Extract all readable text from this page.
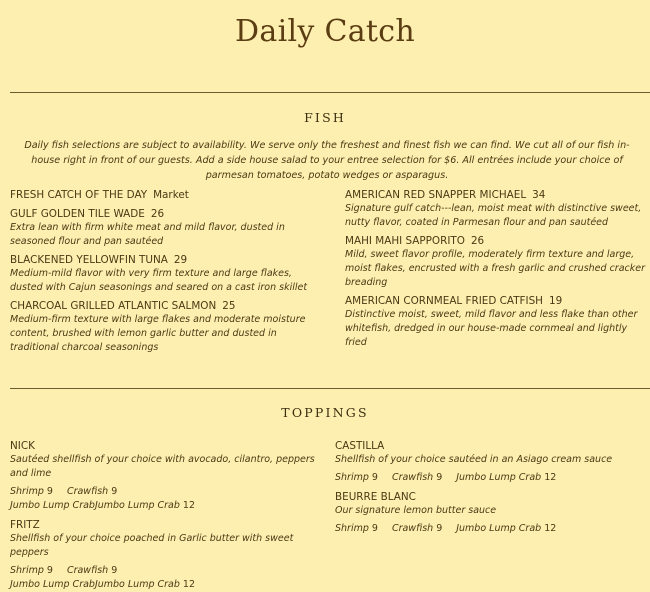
Daily Catch
FISH
Daily fish selections are subject to availability. We serve only the freshest and finest fish we can find. We cut all of our fish in-house right in front of our guests. Add a side house salad to your entree selection for $6. All entrées include your choice of parmesan tomatoes, potato wedges or asparagus.
FRESH CATCH OF THE DAY Market
GULF GOLDEN TILE WADE 26
Extra lean with firm white meat and mild flavor, dusted in seasoned flour and pan sautéed
BLACKENED YELLOWFIN TUNA 29
Medium-mild flavor with very firm texture and large flakes, dusted with Cajun seasonings and seared on a cast iron skillet
CHARCOAL GRILLED ATLANTIC SALMON 25
Medium-firm texture with large flakes and moderate moisture content, brushed with lemon garlic butter and dusted in traditional charcoal seasonings
AMERICAN RED SNAPPER MICHAEL 34
Signature gulf catch---lean, moist meat with distinctive sweet, nutty flavor, coated in Parmesan flour and pan sautéed
MAHI MAHI SAPPORITO 26
Mild, sweet flavor profile, moderately firm texture and large, moist flakes, encrusted with a fresh garlic and crushed cracker breading
AMERICAN CORNMEAL FRIED CATFISH 19
Distinctive moist, sweet, mild flavor and less flake than other whitefish, dredged in our house-made cornmeal and lightly fried
TOPPINGS
NICK
Sautéed shellfish of your choice with avocado, cilantro, peppers and lime
Shrimp 9 Crawfish 9
Jumbo Lump CrabJumbo Lump Crab 12
FRITZ
Shellfish of your choice poached in Garlic butter with sweet peppers
Shrimp 9 Crawfish 9
Jumbo Lump CrabJumbo Lump Crab 12
CASTILLA
Shellfish of your choice sautéed in an Asiago cream sauce
Shrimp 9 Crawfish 9 Jumbo Lump Crab 12
BEURRE BLANC
Our signature lemon butter sauce
Shrimp 9 Crawfish 9 Jumbo Lump Crab 12
